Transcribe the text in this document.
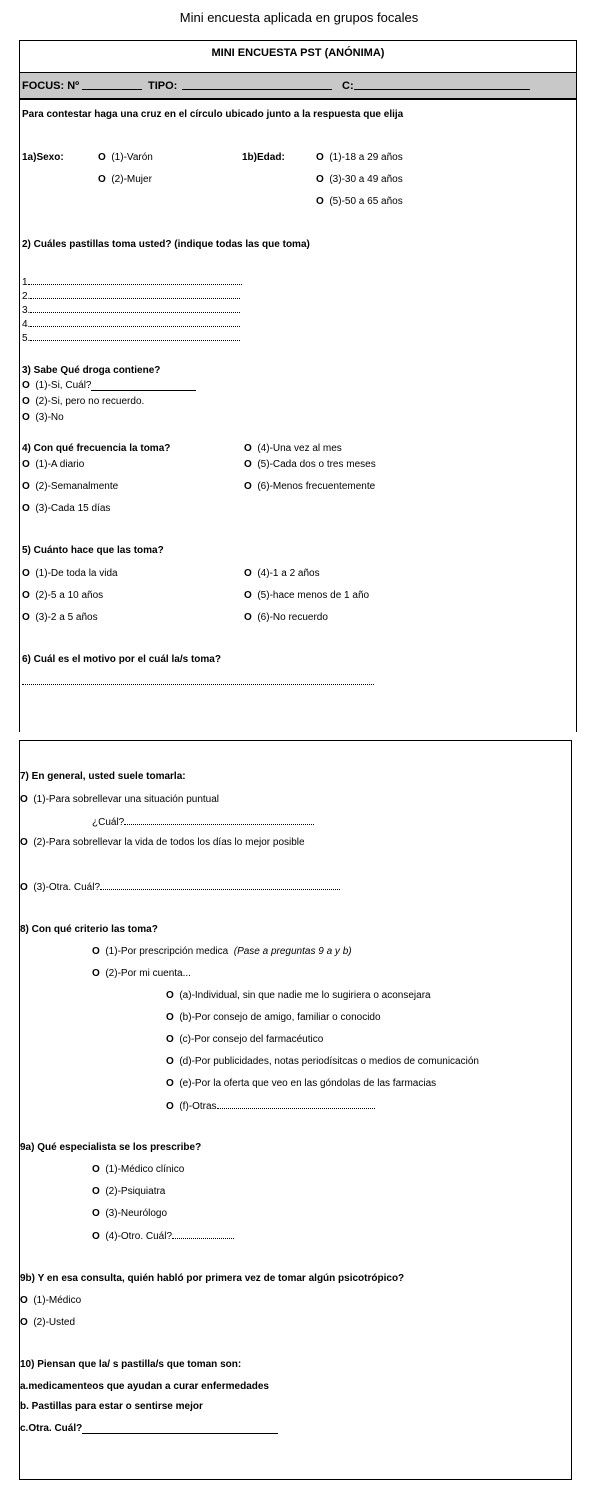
Mini encuesta aplicada en grupos focales
MINI ENCUESTA PST (ANÓNIMA)
FOCUS: Nº	TIPO:	C:
Para contestar haga una cruz en el círculo ubicado junto a la respuesta que elija
1a)Sexo:	O (1)-Varón
O (2)-Mujer
1b)Edad:	O (1)-18 a 29 años
O (3)-30 a 49 años
O (5)-50 a 65 años
2) Cuáles pastillas toma usted? (indique todas las que toma)
1
2.
3.
4.
5.
3) Sabe Qué droga contiene?
O (1)-Si, Cuál?
O (2)-Si, pero no recuerdo.
O (3)-No
4) Con qué frecuencia la toma?
O (1)-A diario
O (2)-Semanalmente
O (3)-Cada 15 días
O (4)-Una vez al mes
O (5)-Cada dos o tres meses
O (6)-Menos frecuentemente
5) Cuánto hace que las toma?
O (1)-De toda la vida
O (2)-5 a 10 años
O (3)-2 a 5 años
O (4)-1 a 2 años
O (5)-hace menos de 1 año
O (6)-No recuerdo
6) Cuál es el motivo por el cuál la/s toma?
7) En general, usted suele tomarla:
O (1)-Para sobrellevar una situación puntual
¿Cuál?
O (2)-Para sobrellevar la vida de todos los días lo mejor posible
O (3)-Otra. Cuál?
8) Con qué criterio las toma?
O (1)-Por prescripción medica (Pase a preguntas 9 a y b)
O (2)-Por mi cuenta...
O (a)-Individual, sin que nadie me lo sugiriera o aconsejara
O (b)-Por consejo de amigo, familiar o conocido
O (c)-Por consejo del farmacéutico
O (d)-Por publicidades, notas periodísitcas o medios de comunicación
O (e)-Por la oferta que veo en las góndolas de las farmacias
O (f)-Otras
9a) Qué especialista se los prescribe?
O (1)-Médico clínico
O (2)-Psiquiatra
O (3)-Neurólogo
O (4)-Otro. Cuál?
9b) Y en esa consulta, quién habló por primera vez de tomar algún psicotrópico?
O (1)-Médico
O (2)-Usted
10) Piensan que la/ s pastilla/s que toman son:
a.medicamenteos que ayudan a curar enfermedades
b. Pastillas para estar o sentirse mejor
c.Otra. Cuál?
